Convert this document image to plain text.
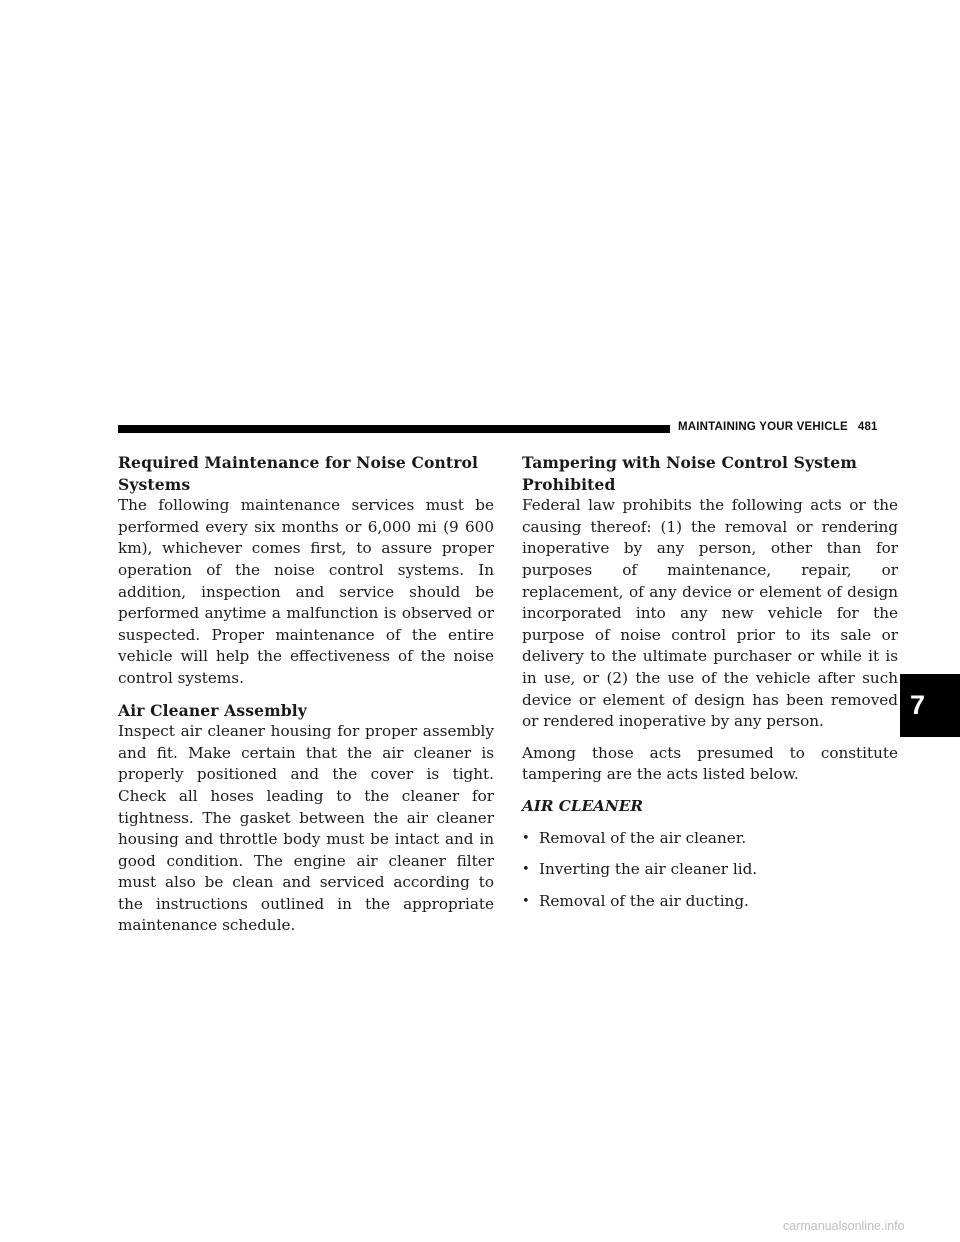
MAINTAINING YOUR VEHICLE 481
Required Maintenance for Noise Control Systems

The following maintenance services must be performed every six months or 6,000 mi (9 600 km), whichever comes first, to assure proper operation of the noise control systems. In addition, inspection and service should be performed anytime a malfunction is observed or suspected. Proper maintenance of the entire vehicle will help the effectiveness of the noise control systems.

Air Cleaner Assembly

Inspect air cleaner housing for proper assembly and fit. Make certain that the air cleaner is properly positioned and the cover is tight. Check all hoses leading to the cleaner for tightness. The gasket between the air cleaner housing and throttle body must be intact and in good condition. The engine air cleaner filter must also be clean and serviced according to the instructions outlined in the appropriate maintenance schedule.

Tampering with Noise Control System Prohibited

Federal law prohibits the following acts or the causing thereof: (1) the removal or rendering inoperative by any person, other than for purposes of maintenance, repair, or replacement, of any device or element of design incorporated into any new vehicle for the purpose of noise control prior to its sale or delivery to the ultimate purchaser or while it is in use, or (2) the use of the vehicle after such device or element of design has been removed or rendered inoperative by any person.

Among those acts presumed to constitute tampering are the acts listed below.

AIR CLEANER

• Removal of the air cleaner.
• Inverting the air cleaner lid.
• Removal of the air ducting.
7
carmanualsonline.info
